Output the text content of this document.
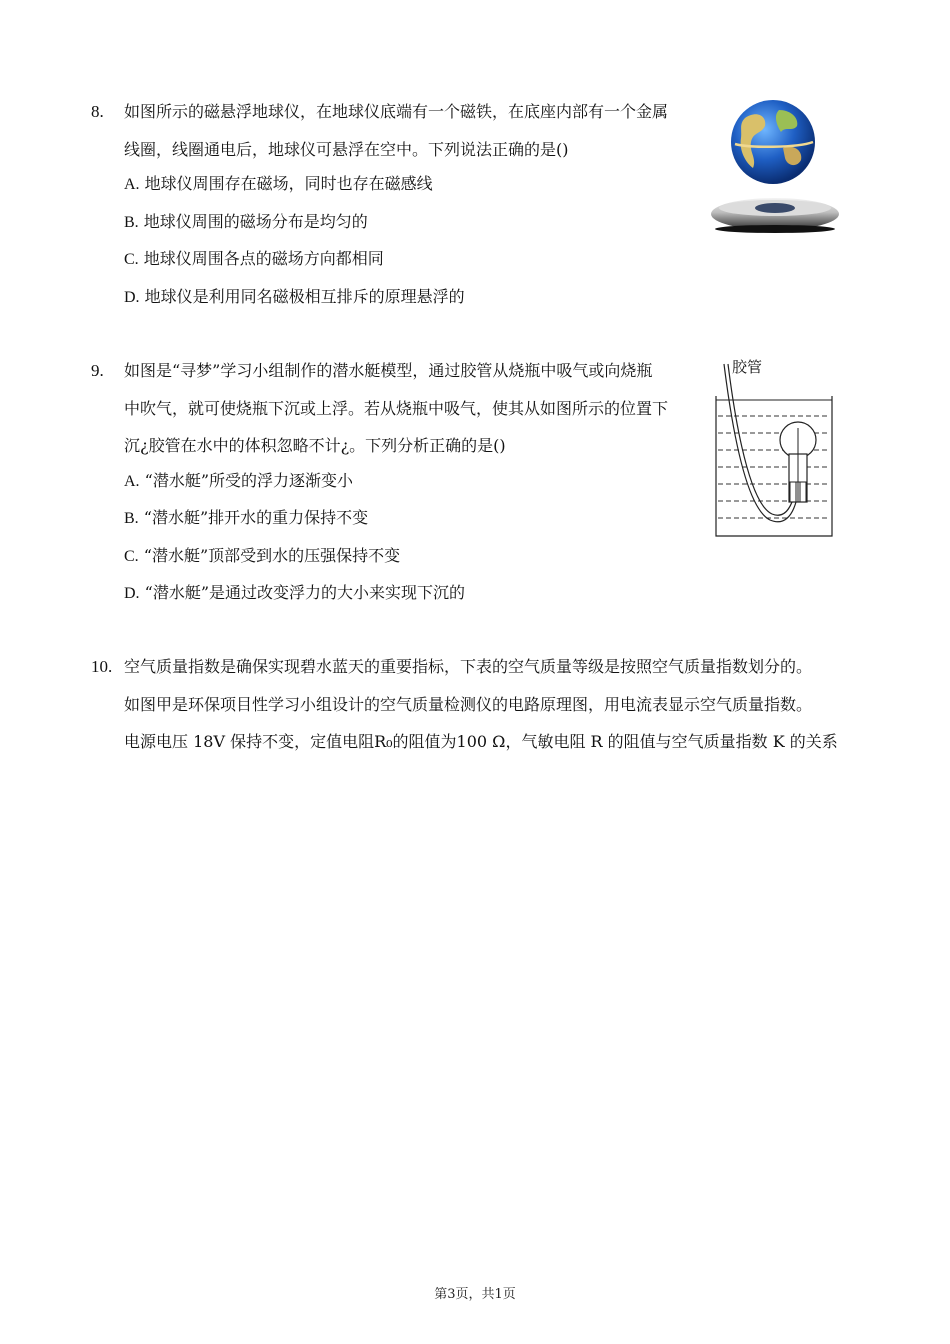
8. 如图所示的磁悬浮地球仪，在地球仪底端有一个磁铁，在底座内部有一个金属
线圈，线圈通电后，地球仪可悬浮在空中。下列说法正确的是()
A. 地球仪周围存在磁场，同时也存在磁感线
B. 地球仪周围的磁场分布是均匀的
C. 地球仪周围各点的磁场方向都相同
D. 地球仪是利用同名磁极相互排斥的原理悬浮的
9. 如图是“寻梦”学习小组制作的潜水艇模型，通过胶管从烧瓶中吸气或向烧瓶
中吹气，就可使烧瓶下沉或上浮。若从烧瓶中吸气，使其从如图所示的位置下
沉¿胶管在水中的体积忽略不计¿。下列分析正确的是()
A. “潜水艇”所受的浮力逐渐变小
B. “潜水艇”排开水的重力保持不变
C. “潜水艇”顶部受到水的压强保持不变
D. “潜水艇”是通过改变浮力的大小来实现下沉的
胶管
10. 空气质量指数是确保实现碧水蓝天的重要指标，下表的空气质量等级是按照空气质量指数划分的。
如图甲是环保项目性学习小组设计的空气质量检测仪的电路原理图，用电流表显示空气质量指数。
电源电压 18V 保持不变，定值电阻R₀的阻值为100 Ω，气敏电阻 R 的阻值与空气质量指数 K 的关系
第3页，共1页
